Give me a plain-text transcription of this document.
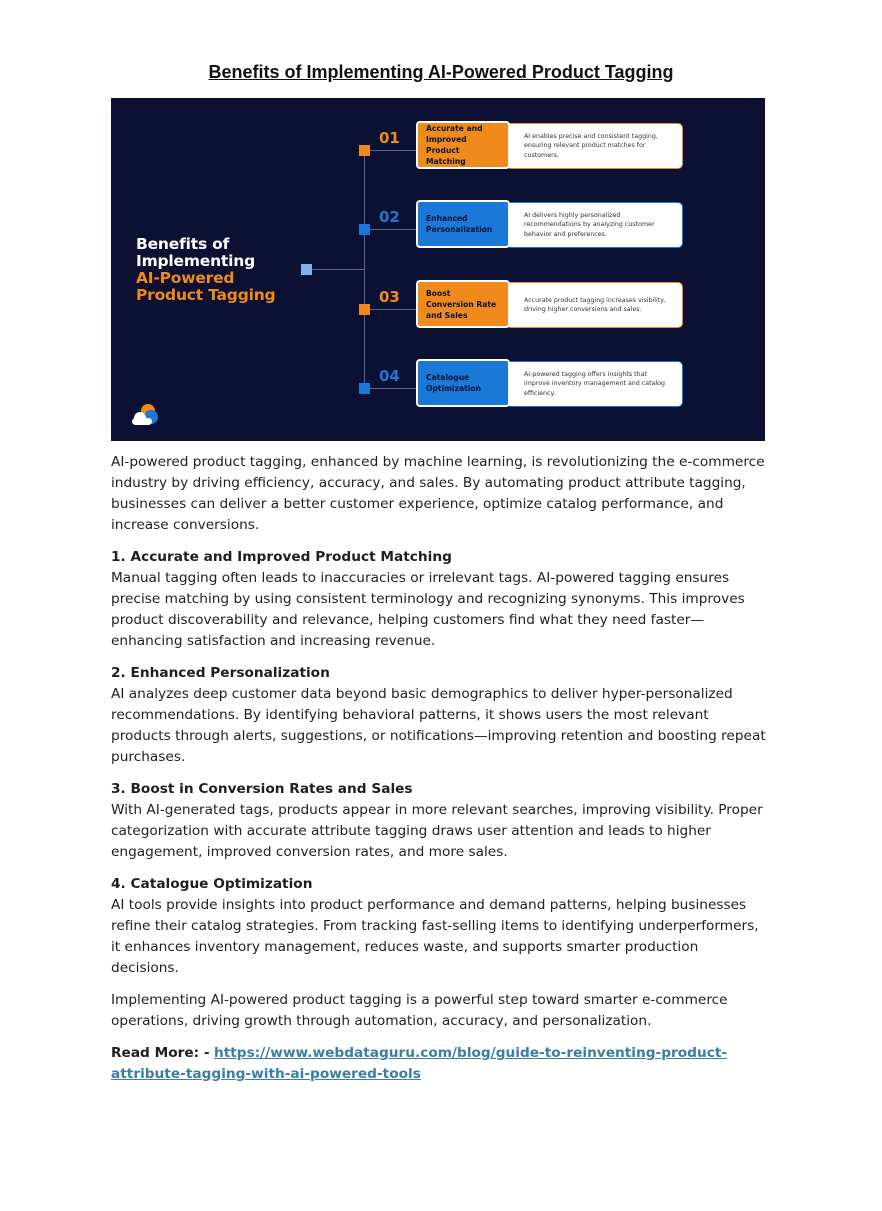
Benefits of Implementing AI-Powered Product Tagging
Benefits of
Implementing
AI-Powered
Product Tagging
01
Accurate and Improved Product Matching
AI enables precise and consistent tagging, ensuring relevant product matches for customers.
02	Enhanced Personalization
AI delivers highly personalized recommendations by analyzing customer behavior and preferences.
03	Boost Conversion Rate and Sales
Accurate product tagging increases visibility, driving higher conversions and sales.
04	Catalogue Optimization
AI-powered tagging offers insights that improve inventory management and catalog efficiency.

AI-powered product tagging, enhanced by machine learning, is revolutionizing the e-commerce industry by driving efficiency, accuracy, and sales. By automating product attribute tagging, businesses can deliver a better customer experience, optimize catalog performance, and increase conversions.

1. Accurate and Improved Product Matching
Manual tagging often leads to inaccuracies or irrelevant tags. AI-powered tagging ensures precise matching by using consistent terminology and recognizing synonyms. This improves product discoverability and relevance, helping customers find what they need faster—enhancing satisfaction and increasing revenue.
2. Enhanced Personalization
AI analyzes deep customer data beyond basic demographics to deliver hyper-personalized recommendations. By identifying behavioral patterns, it shows users the most relevant products through alerts, suggestions, or notifications—improving retention and boosting repeat purchases.
3. Boost in Conversion Rates and Sales
With AI-generated tags, products appear in more relevant searches, improving visibility. Proper categorization with accurate attribute tagging draws user attention and leads to higher engagement, improved conversion rates, and more sales.
4. Catalogue Optimization
AI tools provide insights into product performance and demand patterns, helping businesses refine their catalog strategies. From tracking fast-selling items to identifying underperformers, it enhances inventory management, reduces waste, and supports smarter production decisions.

Implementing AI-powered product tagging is a powerful step toward smarter e-commerce operations, driving growth through automation, accuracy, and personalization.

Read More: - https://www.webdataguru.com/blog/guide-to-reinventing-product-attribute-tagging-with-ai-powered-tools
